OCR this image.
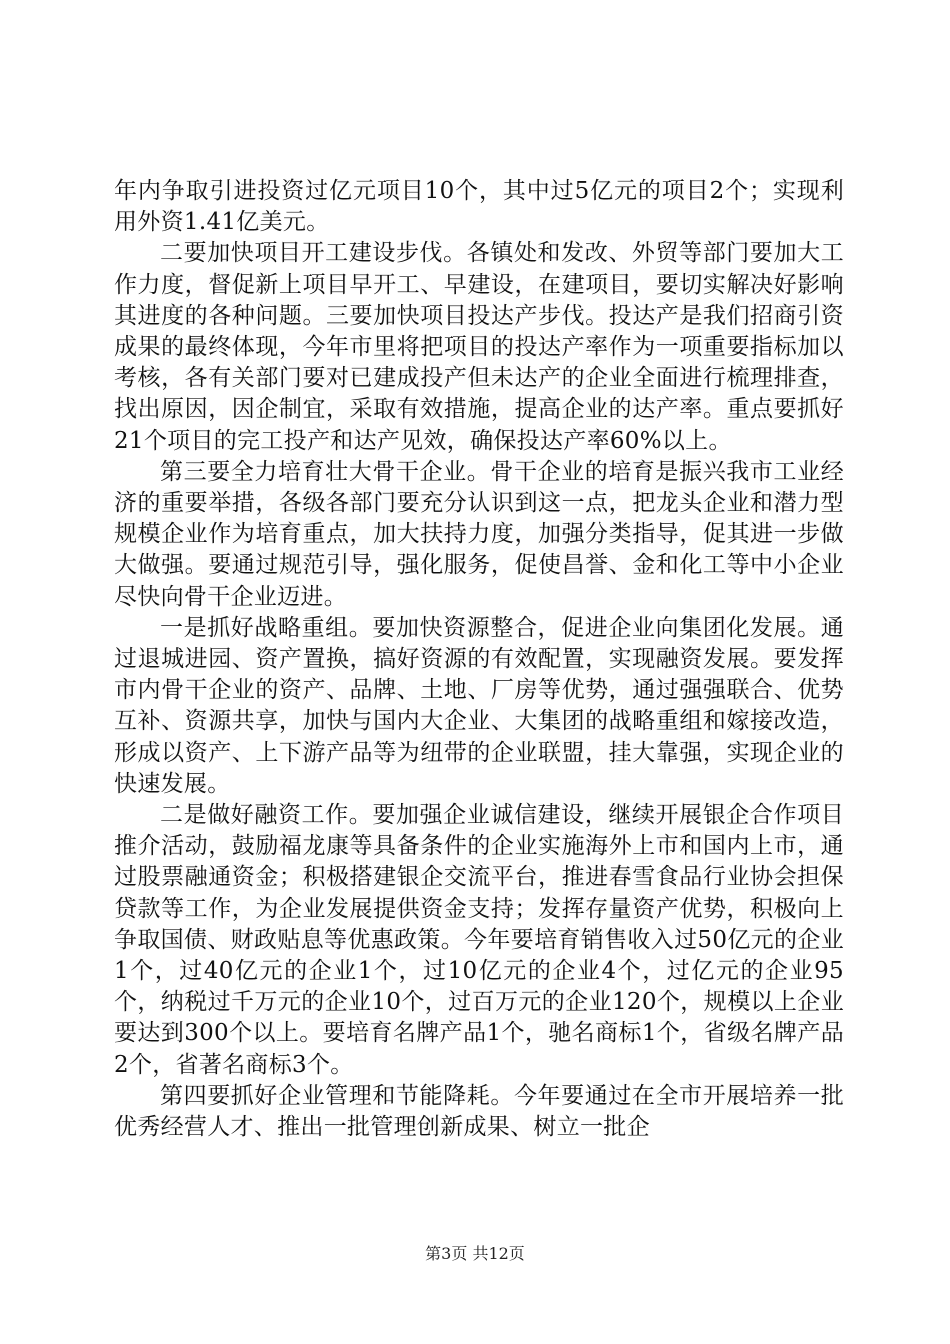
年内争取引进投资过亿元项目10个，其中过5亿元的项目2个；实现利用外资1.41亿美元。

二要加快项目开工建设步伐。各镇处和发改、外贸等部门要加大工作力度，督促新上项目早开工、早建设，在建项目，要切实解决好影响其进度的各种问题。三要加快项目投达产步伐。投达产是我们招商引资成果的最终体现，今年市里将把项目的投达产率作为一项重要指标加以考核，各有关部门要对已建成投产但未达产的企业全面进行梳理排查，找出原因，因企制宜，采取有效措施，提高企业的达产率。重点要抓好21个项目的完工投产和达产见效，确保投达产率60%以上。

第三要全力培育壮大骨干企业。骨干企业的培育是振兴我市工业经济的重要举措，各级各部门要充分认识到这一点，把龙头企业和潜力型规模企业作为培育重点，加大扶持力度，加强分类指导，促其进一步做大做强。要通过规范引导，强化服务，促使昌誉、金和化工等中小企业尽快向骨干企业迈进。

一是抓好战略重组。要加快资源整合，促进企业向集团化发展。通过退城进园、资产置换，搞好资源的有效配置，实现融资发展。要发挥市内骨干企业的资产、品牌、土地、厂房等优势，通过强强联合、优势互补、资源共享，加快与国内大企业、大集团的战略重组和嫁接改造，形成以资产、上下游产品等为纽带的企业联盟，挂大靠强，实现企业的快速发展。

二是做好融资工作。要加强企业诚信建设，继续开展银企合作项目推介活动，鼓励福龙康等具备条件的企业实施海外上市和国内上市，通过股票融通资金；积极搭建银企交流平台，推进春雪食品行业协会担保贷款等工作，为企业发展提供资金支持；发挥存量资产优势，积极向上争取国债、财政贴息等优惠政策。今年要培育销售收入过50亿元的企业1个，过40亿元的企业1个，过10亿元的企业4个，过亿元的企业95个，纳税过千万元的企业10个，过百万元的企业120个，规模以上企业要达到300个以上。要培育名牌产品1个，驰名商标1个，省级名牌产品2个，省著名商标3个。

第四要抓好企业管理和节能降耗。今年要通过在全市开展培养一批优秀经营人才、推出一批管理创新成果、树立一批企

第3页 共12页
